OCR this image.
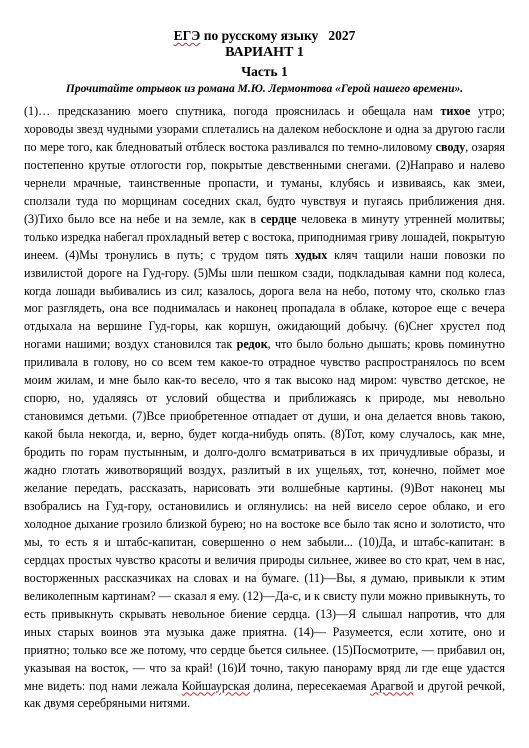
ЕГЭ по русскому языку   2027
ВАРИАНТ 1
Часть 1
Прочитайте отрывок из романа М.Ю. Лермонтова «Герой нашего времени».
(1)… предсказанию моего спутника, погода прояснилась и обещала нам тихое утро; хороводы звезд чудными узорами сплетались на далеком небосклоне и одна за другою гасли по мере того, как бледноватый отблеск востока разливался по темно-лиловому своду, озаряя постепенно крутые отлогости гор, покрытые девственными снегами. (2)Направо и налево чернели мрачные, таинственные пропасти, и туманы, клубясь и извиваясь, как змеи, сползали туда по морщинам соседних скал, будто чувствуя и пугаясь приближения дня. (3)Тихо было все на небе и на земле, как в сердце человека в минуту утренней молитвы; только изредка набегал прохладный ветер с востока, приподнимая гриву лошадей, покрытую инеем. (4)Мы тронулись в путь; с трудом пять худых кляч тащили наши повозки по извилистой дороге на Гуд-гору. (5)Мы шли пешком сзади, подкладывая камни под колеса, когда лошади выбивались из сил; казалось, дорога вела на небо, потому что, сколько глаз мог разглядеть, она все поднималась и наконец пропадала в облаке, которое еще с вечера отдыхала на вершине Гуд-горы, как коршун, ожидающий добычу. (6)Снег хрустел под ногами нашими; воздух становился так редок, что было больно дышать; кровь поминутно приливала в голову, но со всем тем какое-то отрадное чувство распространялось по всем моим жилам, и мне было как-то весело, что я так высоко над миром: чувство детское, не спорю, но, удаляясь от условий общества и приближаясь к природе, мы невольно становимся детьми. (7)Все приобретенное отпадает от души, и она делается вновь такою, какой была некогда, и, верно, будет когда-нибудь опять. (8)Тот, кому случалось, как мне, бродить по горам пустынным, и долго-долго всматриваться в их причудливые образы, и жадно глотать животворящий воздух, разлитый в их ущельях, тот, конечно, поймет мое желание передать, рассказать, нарисовать эти волшебные картины. (9)Вот наконец мы взобрались на Гуд-гору, остановились и оглянулись: на ней висело серое облако, и его холодное дыхание грозило близкой бурею; но на востоке все было так ясно и золотисто, что мы, то есть я и штабс-капитан, совершенно о нем забыли... (10)Да, и штабс-капитан: в сердцах простых чувство красоты и величия природы сильнее, живее во сто крат, чем в нас, восторженных рассказчиках на словах и на бумаге. (11)—Вы, я думаю, привыкли к этим великолепным картинам? — сказал я ему. (12)—Да-с, и к свисту пули можно привыкнуть, то есть привыкнуть скрывать невольное биение сердца. (13)—Я слышал напротив, что для иных старых воинов эта музыка даже приятна. (14)— Разумеется, если хотите, оно и приятно; только все же потому, что сердце бьется сильнее. (15)Посмотрите, — прибавил он, указывая на восток, — что за край! (16)И точно, такую панораму вряд ли где еще удастся мне видеть: под нами лежала Койшаурская долина, пересекаемая Арагвой и другой речкой, как двумя серебряными нитями.
